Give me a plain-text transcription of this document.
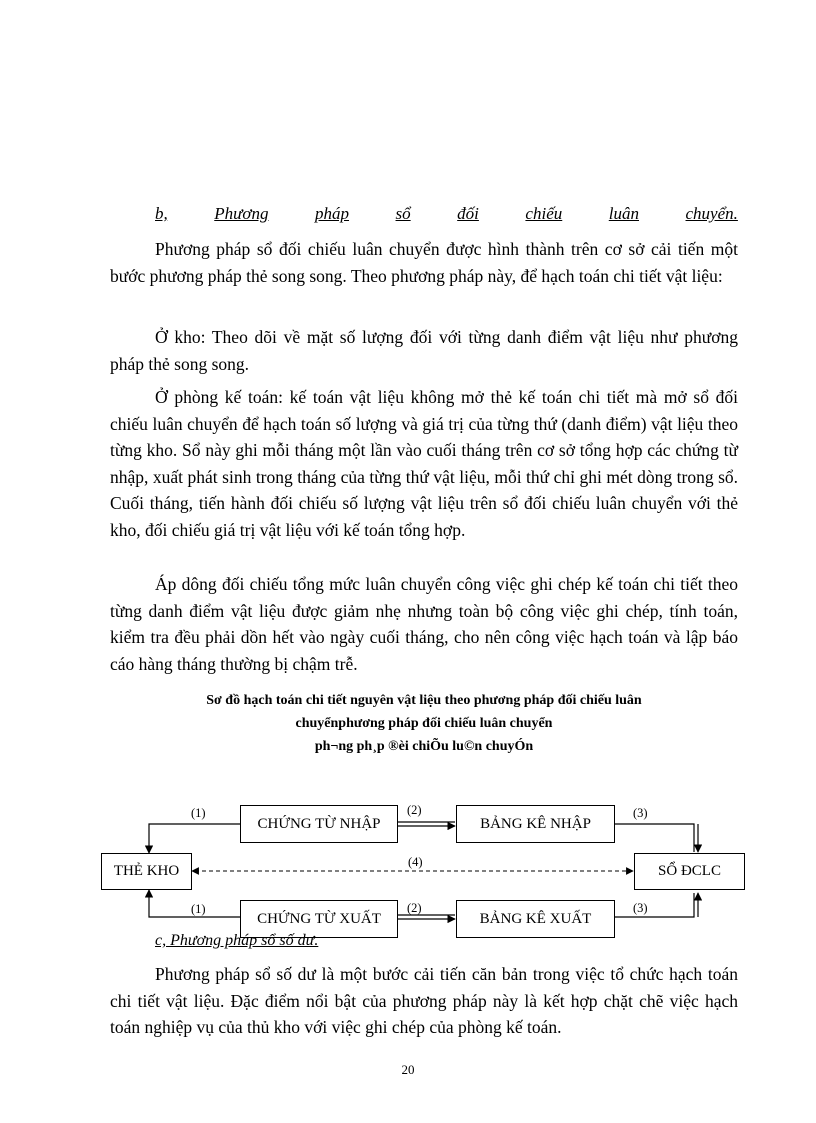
b,	Phương	pháp	sổ	đối	chiếu	luân	chuyển.

Phương pháp sổ đối chiếu luân chuyển được hình thành trên cơ sở cải tiến một bước phương pháp thẻ song song. Theo phương pháp này, để hạch toán chi tiết vật liệu:

Ở kho: Theo dõi về mặt số lượng đối với từng danh điểm vật liệu như phương pháp thẻ song song.

Ở phòng kế toán: kế toán vật liệu không mở thẻ kế toán chi tiết mà mở sổ đối chiếu luân chuyển để hạch toán số lượng và giá trị của từng thứ (danh điểm) vật liệu theo từng kho. Sổ này ghi mỗi tháng một lần vào cuối tháng trên cơ sở tổng hợp các chứng từ nhập, xuất phát sinh trong tháng của từng thứ vật liệu, mỗi thứ chỉ ghi mét dòng trong sổ. Cuối tháng, tiến hành đối chiếu số lượng vật liệu trên sổ đối chiếu luân chuyển với thẻ kho, đối chiếu giá trị vật liệu với kế toán tổng hợp.

Áp dông đối chiếu tổng mức luân chuyển công việc ghi chép kế toán chi tiết theo từng danh điểm vật liệu được giảm nhẹ nhưng toàn bộ công việc ghi chép, tính toán, kiểm tra đều phải dồn hết vào ngày cuối tháng, cho nên công việc hạch toán và lập báo cáo hàng tháng thường bị chậm trễ.

Sơ đồ hạch toán chi tiết nguyên vật liệu theo phương pháp đối chiếu luân
chuyểnphương pháp đối chiếu luân chuyển
ph¬ng ph¸p ®èi chiÕu lu©n chuyÓn
CHỨNG TỪ NHẬP	BẢNG KÊ NHẬP
THẺ KHO	SỔ ĐCLC
CHỨNG TỪ XUẤT	BẢNG KÊ XUẤT
(1)	(2)	(3)
(4)
(1)	(2)	(3)
c, Phương pháp sổ số dư.

Phương pháp sổ số dư là một bước cải tiến căn bản trong việc tổ chức hạch toán chi tiết vật liệu. Đặc điểm nổi bật của phương pháp này là kết hợp chặt chẽ việc hạch toán nghiệp vụ của thủ kho với việc ghi chép của phòng kế toán.

20
